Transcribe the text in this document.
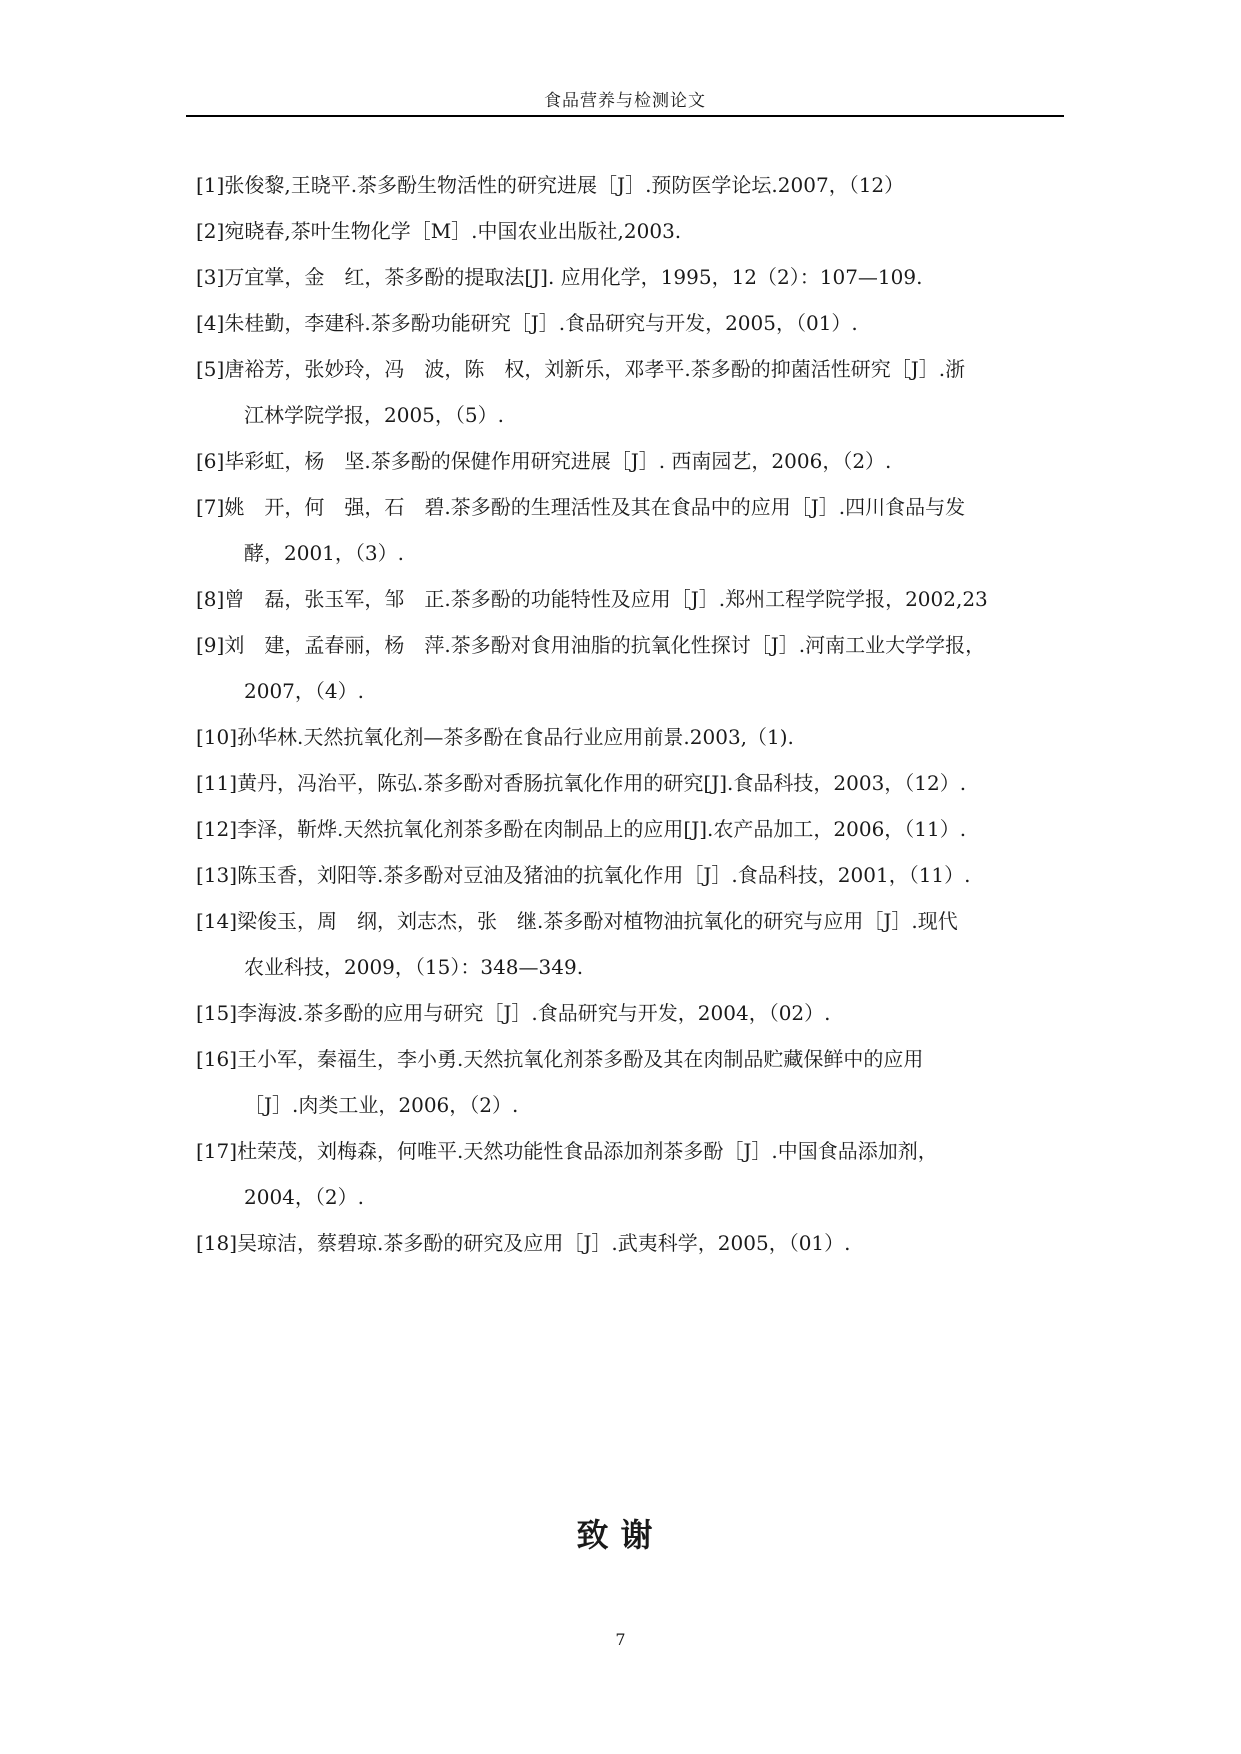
食品营养与检测论文
[1]张俊黎,王晓平.茶多酚生物活性的研究进展［J］.预防医学论坛.2007，（12）
[2]宛晓春,茶叶生物化学［M］.中国农业出版社,2003.
[3]万宜掌，金　红，茶多酚的提取法[J]. 应用化学，1995，12（2）：107—109.
[4]朱桂勤，李建科.茶多酚功能研究［J］.食品研究与开发，2005，（01）.
[5]唐裕芳，张妙玲，冯　波，陈　权，刘新乐，邓孝平.茶多酚的抑菌活性研究［J］.浙
江林学院学报，2005，（5）.
[6]毕彩虹，杨　坚.茶多酚的保健作用研究进展［J］. 西南园艺，2006，（2）.
[7]姚　开，何　强，石　碧.茶多酚的生理活性及其在食品中的应用［J］.四川食品与发
酵，2001，（3）.
[8]曾　磊，张玉军，邹　正.茶多酚的功能特性及应用［J］.郑州工程学院学报，2002,23
[9]刘　建，孟春丽，杨　萍.茶多酚对食用油脂的抗氧化性探讨［J］.河南工业大学学报，
2007，（4）.
[10]孙华林.天然抗氧化剂—茶多酚在食品行业应用前景.2003,（1).
[11]黄丹，冯治平，陈弘.茶多酚对香肠抗氧化作用的研究[J].食品科技，2003，（12）.
[12]李泽，靳烨.天然抗氧化剂茶多酚在肉制品上的应用[J].农产品加工，2006，（11）.
[13]陈玉香，刘阳等.茶多酚对豆油及猪油的抗氧化作用［J］.食品科技，2001，（11）.
[14]梁俊玉，周　纲，刘志杰，张　继.茶多酚对植物油抗氧化的研究与应用［J］.现代
农业科技，2009，（15）：348—349.
[15]李海波.茶多酚的应用与研究［J］.食品研究与开发，2004，（02）.
[16]王小军，秦福生，李小勇.天然抗氧化剂茶多酚及其在肉制品贮藏保鲜中的应用
［J］.肉类工业，2006，（2）.
[17]杜荣茂，刘梅森，何唯平.天然功能性食品添加剂茶多酚［J］.中国食品添加剂，
2004，（2）.
[18]吴琼洁，蔡碧琼.茶多酚的研究及应用［J］.武夷科学，2005，（01）.
致谢
7
